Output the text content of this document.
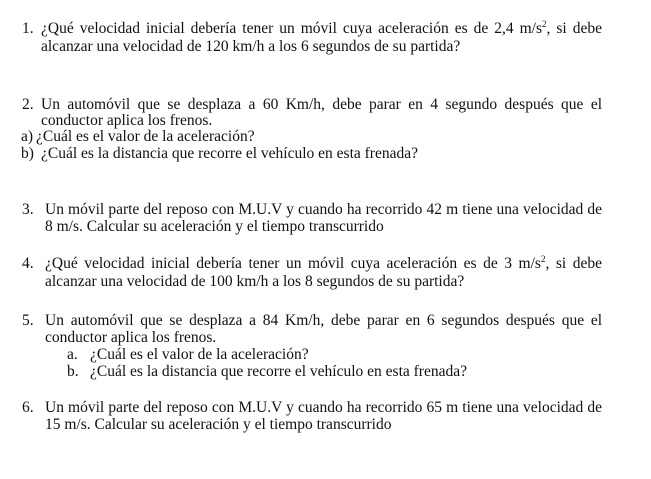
1. ¿Qué velocidad inicial debería tener un móvil cuya aceleración es de 2,4 $m/s^2$, si debe
alcanzar una velocidad de 120 km/h a los 6 segundos de su partida?
2. Un automóvil que se desplaza a 60 Km/h, debe parar en 4 segundo después que el
conductor aplica los frenos.
a) ¿Cuál es el valor de la aceleración?
b) ¿Cuál es la distancia que recorre el vehículo en esta frenada?
3. Un móvil parte del reposo con M.U.V y cuando ha recorrido 42 m tiene una velocidad de
8 m/s. Calcular su aceleración y el tiempo transcurrido
4. ¿Qué velocidad inicial debería tener un móvil cuya aceleración es de 3 $m/s^2$, si debe
alcanzar una velocidad de 100 km/h a los 8 segundos de su partida?
5. Un automóvil que se desplaza a 84 Km/h, debe parar en 6 segundos después que el
conductor aplica los frenos.
a. ¿Cuál es el valor de la aceleración?
b. ¿Cuál es la distancia que recorre el vehículo en esta frenada?
6. Un móvil parte del reposo con M.U.V y cuando ha recorrido 65 m tiene una velocidad de
15 m/s. Calcular su aceleración y el tiempo transcurrido
